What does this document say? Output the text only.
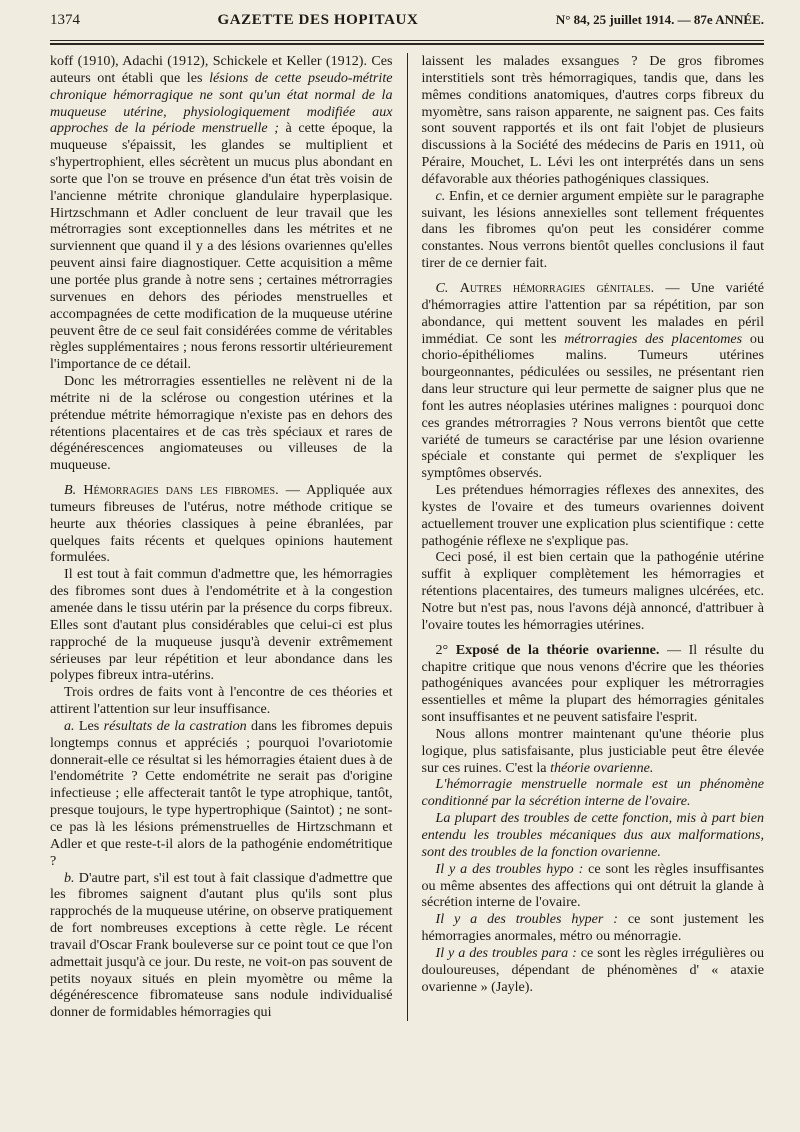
1374	GAZETTE DES HOPITAUX	N° 84, 25 juillet 1914. — 87e ANNÉE.

koff (1910), Adachi (1912), Schickele et Keller (1912). Ces auteurs ont établi que les lésions de cette pseudo-métrite chronique hémorragique ne sont qu'un état normal de la muqueuse utérine, physiologiquement modifiée aux approches de la période menstruelle ; à cette époque, la muqueuse s'épaissit, les glandes se multiplient et s'hypertrophient, elles sécrètent un mucus plus abondant en sorte que l'on se trouve en présence d'un état très voisin de l'ancienne métrite chronique glandulaire hyperplasique. Hirtzschmann et Adler concluent de leur travail que les métrorragies sont exceptionnelles dans les métrites et ne surviennent que quand il y a des lésions ovariennes qu'elles peuvent ainsi faire diagnostiquer. Cette acquisition a même une portée plus grande à notre sens ; certaines métrorragies survenues en dehors des périodes menstruelles et accompagnées de cette modification de la muqueuse utérine peuvent être de ce seul fait considérées comme de véritables règles supplémentaires ; nous ferons ressortir ultérieurement l'importance de ce détail.

Donc les métrorragies essentielles ne relèvent ni de la métrite ni de la sclérose ou congestion utérines et la prétendue métrite hémorragique n'existe pas en dehors des rétentions placentaires et de cas très spéciaux et rares de dégénérescences angiomateuses ou villeuses de la muqueuse.

B. Hémorragies dans les fibromes. — Appliquée aux tumeurs fibreuses de l'utérus, notre méthode critique se heurte aux théories classiques à peine ébranlées, par quelques faits récents et quelques opinions hautement formulées.

Il est tout à fait commun d'admettre que, les hémorragies des fibromes sont dues à l'endométrite et à la congestion amenée dans le tissu utérin par la présence du corps fibreux. Elles sont d'autant plus considérables que celui-ci est plus rapproché de la muqueuse jusqu'à devenir extrêmement sérieuses par leur répétition et leur abondance dans les polypes fibreux intra-utérins.

Trois ordres de faits vont à l'encontre de ces théories et attirent l'attention sur leur insuffisance.

a. Les résultats de la castration dans les fibromes depuis longtemps connus et appréciés ; pourquoi l'ovariotomie donnerait-elle ce résultat si les hémorragies étaient dues à de l'endométrite ? Cette endométrite ne serait pas d'origine infectieuse ; elle affecterait tantôt le type atrophique, tantôt, presque toujours, le type hypertrophique (Saintot) ; ne sont-ce pas là les lésions prémenstruelles de Hirtzschmann et Adler et que reste-t-il alors de la pathogénie endométritique ?

b. D'autre part, s'il est tout à fait classique d'admettre que les fibromes saignent d'autant plus qu'ils sont plus rapprochés de la muqueuse utérine, on observe pratiquement de fort nombreuses exceptions à cette règle. Le récent travail d'Oscar Frank bouleverse sur ce point tout ce que l'on admettait jusqu'à ce jour. Du reste, ne voit-on pas souvent de petits noyaux situés en plein myomètre ou même la dégénérescence fibromateuse sans nodule individualisé donner de formidables hémorragies qui

laissent les malades exsangues ? De gros fibromes interstitiels sont très hémorragiques, tandis que, dans les mêmes conditions anatomiques, d'autres corps fibreux du myomètre, sans raison apparente, ne saignent pas. Ces faits sont souvent rapportés et ils ont fait l'objet de plusieurs discussions à la Société des médecins de Paris en 1911, où Péraire, Mouchet, L. Lévi les ont interprétés dans un sens défavorable aux théories pathogéniques classiques.

c. Enfin, et ce dernier argument empiète sur le paragraphe suivant, les lésions annexielles sont tellement fréquentes dans les fibromes qu'on peut les considérer comme constantes. Nous verrons bientôt quelles conclusions il faut tirer de ce dernier fait.

C. Autres hémorragies génitales. — Une variété d'hémorragies attire l'attention par sa répétition, par son abondance, qui mettent souvent les malades en péril immédiat. Ce sont les métrorragies des placentomes ou chorio-épithéliomes malins. Tumeurs utérines bourgeonnantes, pédiculées ou sessiles, ne présentant rien dans leur structure qui leur permette de saigner plus que ne font les autres néoplasies utérines malignes : pourquoi donc ces grandes métrorragies ? Nous verrons bientôt que cette variété de tumeurs se caractérise par une lésion ovarienne spéciale et constante qui permet de s'expliquer les symptômes observés.

Les prétendues hémorragies réflexes des annexites, des kystes de l'ovaire et des tumeurs ovariennes doivent actuellement trouver une explication plus scientifique : cette pathogénie réflexe ne s'explique pas.

Ceci posé, il est bien certain que la pathogénie utérine suffit à expliquer complètement les hémorragies et rétentions placentaires, des tumeurs malignes ulcérées, etc. Notre but n'est pas, nous l'avons déjà annoncé, d'attribuer à l'ovaire toutes les hémorragies utérines.

2° Exposé de la théorie ovarienne. — Il résulte du chapitre critique que nous venons d'écrire que les théories pathogéniques avancées pour expliquer les métrorragies essentielles et même la plupart des hémorragies génitales sont insuffisantes et ne peuvent satisfaire l'esprit.

Nous allons montrer maintenant qu'une théorie plus logique, plus satisfaisante, plus justiciable peut être élevée sur ces ruines. C'est la théorie ovarienne.

L'hémorragie menstruelle normale est un phénomène conditionné par la sécrétion interne de l'ovaire.

La plupart des troubles de cette fonction, mis à part bien entendu les troubles mécaniques dus aux malformations, sont des troubles de la fonction ovarienne.

Il y a des troubles hypo : ce sont les règles insuffisantes ou même absentes des affections qui ont détruit la glande à sécrétion interne de l'ovaire.

Il y a des troubles hyper : ce sont justement les hémorragies anormales, métro ou ménorragie.

Il y a des troubles para : ce sont les règles irrégulières ou douloureuses, dépendant de phénomènes d' « ataxie ovarienne » (Jayle).
